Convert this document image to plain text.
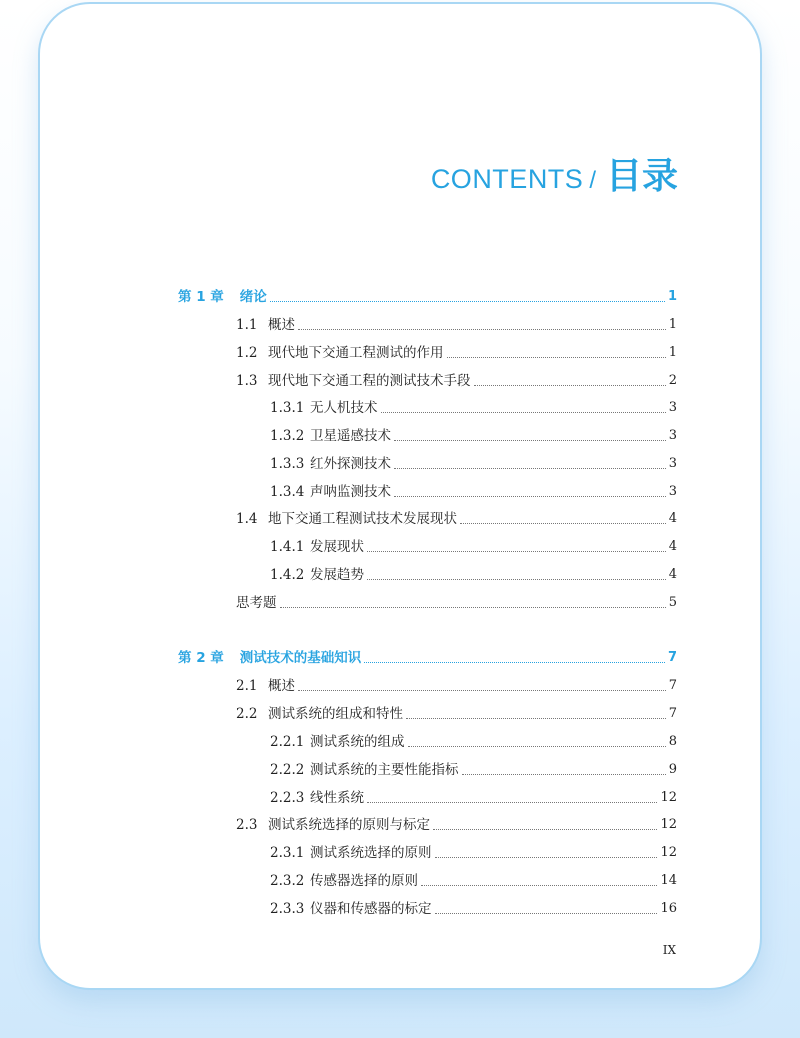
CONTENTS / 目录
第 1 章	绪论	1
1.1 概述	1
1.2 现代地下交通工程测试的作用	1
1.3 现代地下交通工程的测试技术手段	2
1.3.1 无人机技术	3
1.3.2 卫星遥感技术	3
1.3.3 红外探测技术	3
1.3.4 声呐监测技术	3
1.4 地下交通工程测试技术发展现状	4
1.4.1 发展现状	4
1.4.2 发展趋势	4
思考题	5
第 2 章	测试技术的基础知识	7
2.1 概述	7
2.2 测试系统的组成和特性	7
2.2.1 测试系统的组成	8
2.2.2 测试系统的主要性能指标	9
2.2.3 线性系统	12
2.3 测试系统选择的原则与标定	12
2.3.1 测试系统选择的原则	12
2.3.2 传感器选择的原则	14
2.3.3 仪器和传感器的标定	16
IX
